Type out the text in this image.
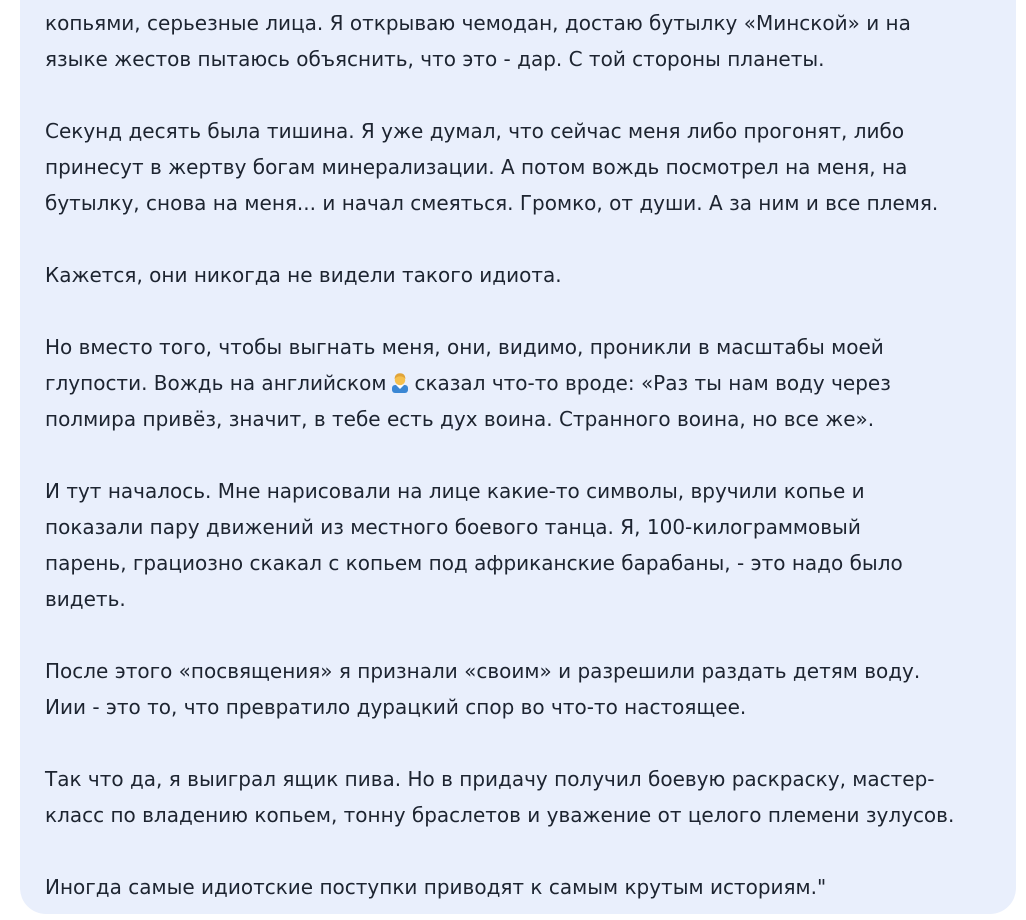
копьями, серьезные лица. Я открываю чемодан, достаю бутылку «Минской» и на
языке жестов пытаюсь объяснить, что это - дар. С той стороны планеты.

Секунд десять была тишина. Я уже думал, что сейчас меня либо прогонят, либо
принесут в жертву богам минерализации. А потом вождь посмотрел на меня, на
бутылку, снова на меня... и начал смеяться. Громко, от души. А за ним и все племя.

Кажется, они никогда не видели такого идиота.

Но вместо того, чтобы выгнать меня, они, видимо, проникли в масштабы моей
глупости. Вождь на английском сказал что-то вроде: «Раз ты нам воду через
полмира привёз, значит, в тебе есть дух воина. Странного воина, но все же».

И тут началось. Мне нарисовали на лице какие-то символы, вручили копье и
показали пару движений из местного боевого танца. Я, 100-килограммовый
парень, грациозно скакал с копьем под африканские барабаны, - это надо было
видеть.

После этого «посвящения» я признали «своим» и разрешили раздать детям воду.
Иии - это то, что превратило дурацкий спор во что-то настоящее.

Так что да, я выиграл ящик пива. Но в придачу получил боевую раскраску, мастер-
класс по владению копьем, тонну браслетов и уважение от целого племени зулусов.

Иногда самые идиотские поступки приводят к самым крутым историям."
